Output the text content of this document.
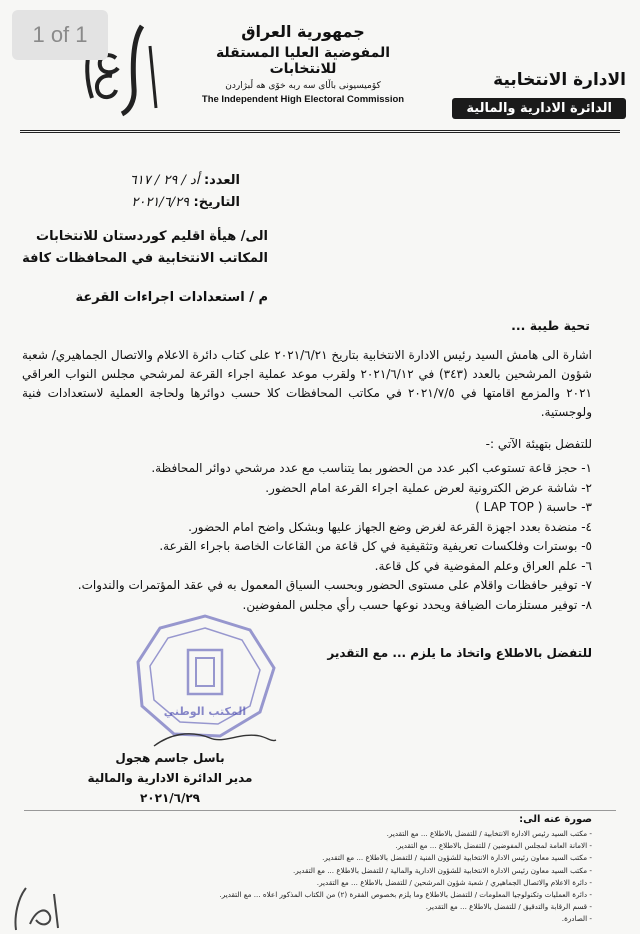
1 of 1	جمهورية العراق
المفوضية العليا المستقلة للانتخابات
كۆمیسیونی باڵای سه ربه خۆی هه ڵبژاردن
The Independent High Electoral Commission
الادارة الانتخابية
الدائرة الادارية والمالية
العدد: أد / ٢٩ / ٦١٧
التاريخ: ٢٠٢١/٦/٢٩
الى/ هيأة اقليم كوردستان للانتخابات
المكاتب الانتخابية في المحافظات كافة
م / استعدادات اجراءات القرعة
تحية طيبة ...
اشارة الى هامش السيد رئيس الادارة الانتخابية بتاريخ ٢٠٢١/٦/٢١ على كتاب دائرة الاعلام والاتصال الجماهيري/ شعبة شؤون المرشحين بالعدد (٣٤٣) في ٢٠٢١/٦/١٢ ولقرب موعد عملية اجراء القرعة لمرشحي مجلس النواب العراقي ٢٠٢١ والمزمع اقامتها في ٢٠٢١/٧/٥ في مكاتب المحافظات كلا حسب دوائرها ولحاجة العملية لاستعدادات فنية ولوجستية.
للتفضل بتهيئة الآتي :-
١- حجز قاعة تستوعب اكبر عدد من الحضور بما يتناسب مع عدد مرشحي دوائر المحافظة.
٢- شاشة عرض الكترونية لعرض عملية اجراء القرعة امام الحضور.
٣- حاسبة ( LAP TOP )
٤- منضدة بعدد اجهزة القرعة لغرض وضع الجهاز عليها وبشكل واضح امام الحضور.
٥- بوسترات وفلكسات تعريفية وتثقيفية في كل قاعة من القاعات الخاصة باجراء القرعة.
٦- علم العراق وعلم المفوضية في كل قاعة.
٧- توفير حافظات واقلام على مستوى الحضور وبحسب السياق المعمول به في عقد المؤتمرات والندوات.
٨- توفير مستلزمات الضيافة ويحدد نوعها حسب رأي مجلس المفوضين.
للتفضل بالاطلاع واتخاذ ما يلزم ... مع التقدير
المكتب الوطني
باسل جاسم هجول
مدير الدائرة الادارية والمالية
٢٠٢١/٦/٢٩
صورة عنه الى:
- مكتب السيد رئيس الادارة الانتخابية / للتفضل بالاطلاع ... مع التقدير.
- الامانة العامة لمجلس المفوضين / للتفضل بالاطلاع ... مع التقدير.
- مكتب السيد معاون رئيس الادارة الانتخابية للشؤون الفنية / للتفضل بالاطلاع ... مع التقدير.
- مكتب السيد معاون رئيس الادارة الانتخابية للشؤون الادارية والمالية / للتفضل بالاطلاع ... مع التقدير.
- دائرة الاعلام والاتصال الجماهيري / شعبة شؤون المرشحين / للتفضل بالاطلاع ... مع التقدير.
- دائرة العمليات وتكنولوجيا المعلومات / للتفضل بالاطلاع وما يلزم بخصوص الفقرة (٢) من الكتاب المذكور اعلاه ... مع التقدير.
- قسم الرقابة والتدقيق / للتفضل بالاطلاع ... مع التقدير.
- الصادرة.
